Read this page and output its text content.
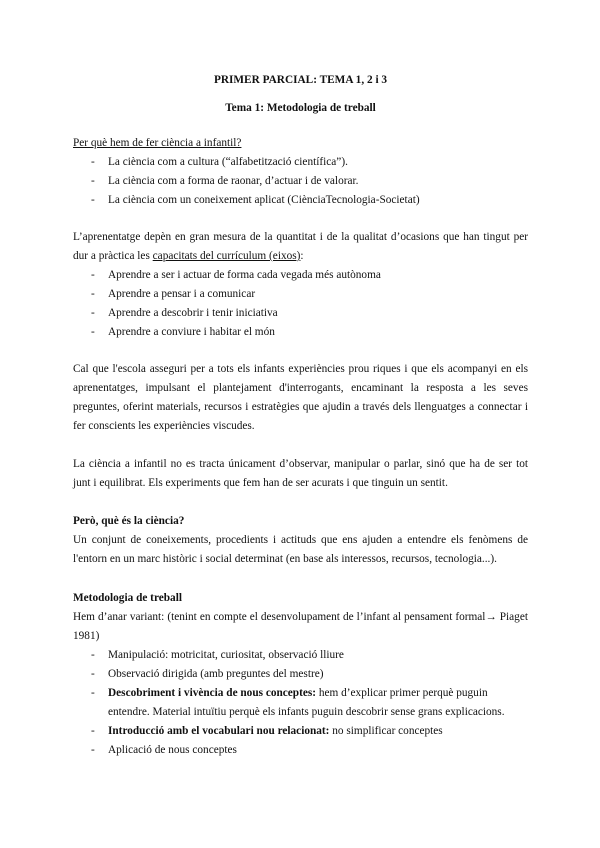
PRIMER PARCIAL: TEMA 1, 2 i 3
Tema 1: Metodologia de treball
Per què hem de fer ciència a infantil?
- La ciència com a cultura (“alfabetització científica”).
- La ciència com a forma de raonar, d’actuar i de valorar.
- La ciència com un coneixement aplicat (CiènciaTecnologia-Societat)
L’aprenentatge depèn en gran mesura de la quantitat i de la qualitat d’ocasions que han tingut per dur a pràctica les capacitats del currículum (eixos):
- Aprendre a ser i actuar de forma cada vegada més autònoma
- Aprendre a pensar i a comunicar
- Aprendre a descobrir i tenir iniciativa
- Aprendre a conviure i habitar el món
Cal que l'escola asseguri per a tots els infants experiències prou riques i que els acompanyi en els aprenentatges, impulsant el plantejament d'interrogants, encaminant la resposta a les seves preguntes, oferint materials, recursos i estratègies que ajudin a través dels llenguatges a connectar i fer conscients les experiències viscudes.
La ciència a infantil no es tracta únicament d’observar, manipular o parlar, sinó que ha de ser tot junt i equilibrat. Els experiments que fem han de ser acurats i que tinguin un sentit.
Però, què és la ciència?
Un conjunt de coneixements, procedients i actituds que ens ajuden a entendre els fenòmens de l'entorn en un marc històric i social determinat (en base als interessos, recursos, tecnologia...).
Metodologia de treball
Hem d’anar variant: (tenint en compte el desenvolupament de l’infant al pensament formal→ Piaget 1981)
- Manipulació: motricitat, curiositat, observació lliure
- Observació dirigida (amb preguntes del mestre)
- Descobriment i vivència de nous conceptes: hem d’explicar primer perquè puguin entendre. Material intuïtiu perquè els infants puguin descobrir sense grans explicacions.
- Introducció amb el vocabulari nou relacionat: no simplificar conceptes
- Aplicació de nous conceptes
